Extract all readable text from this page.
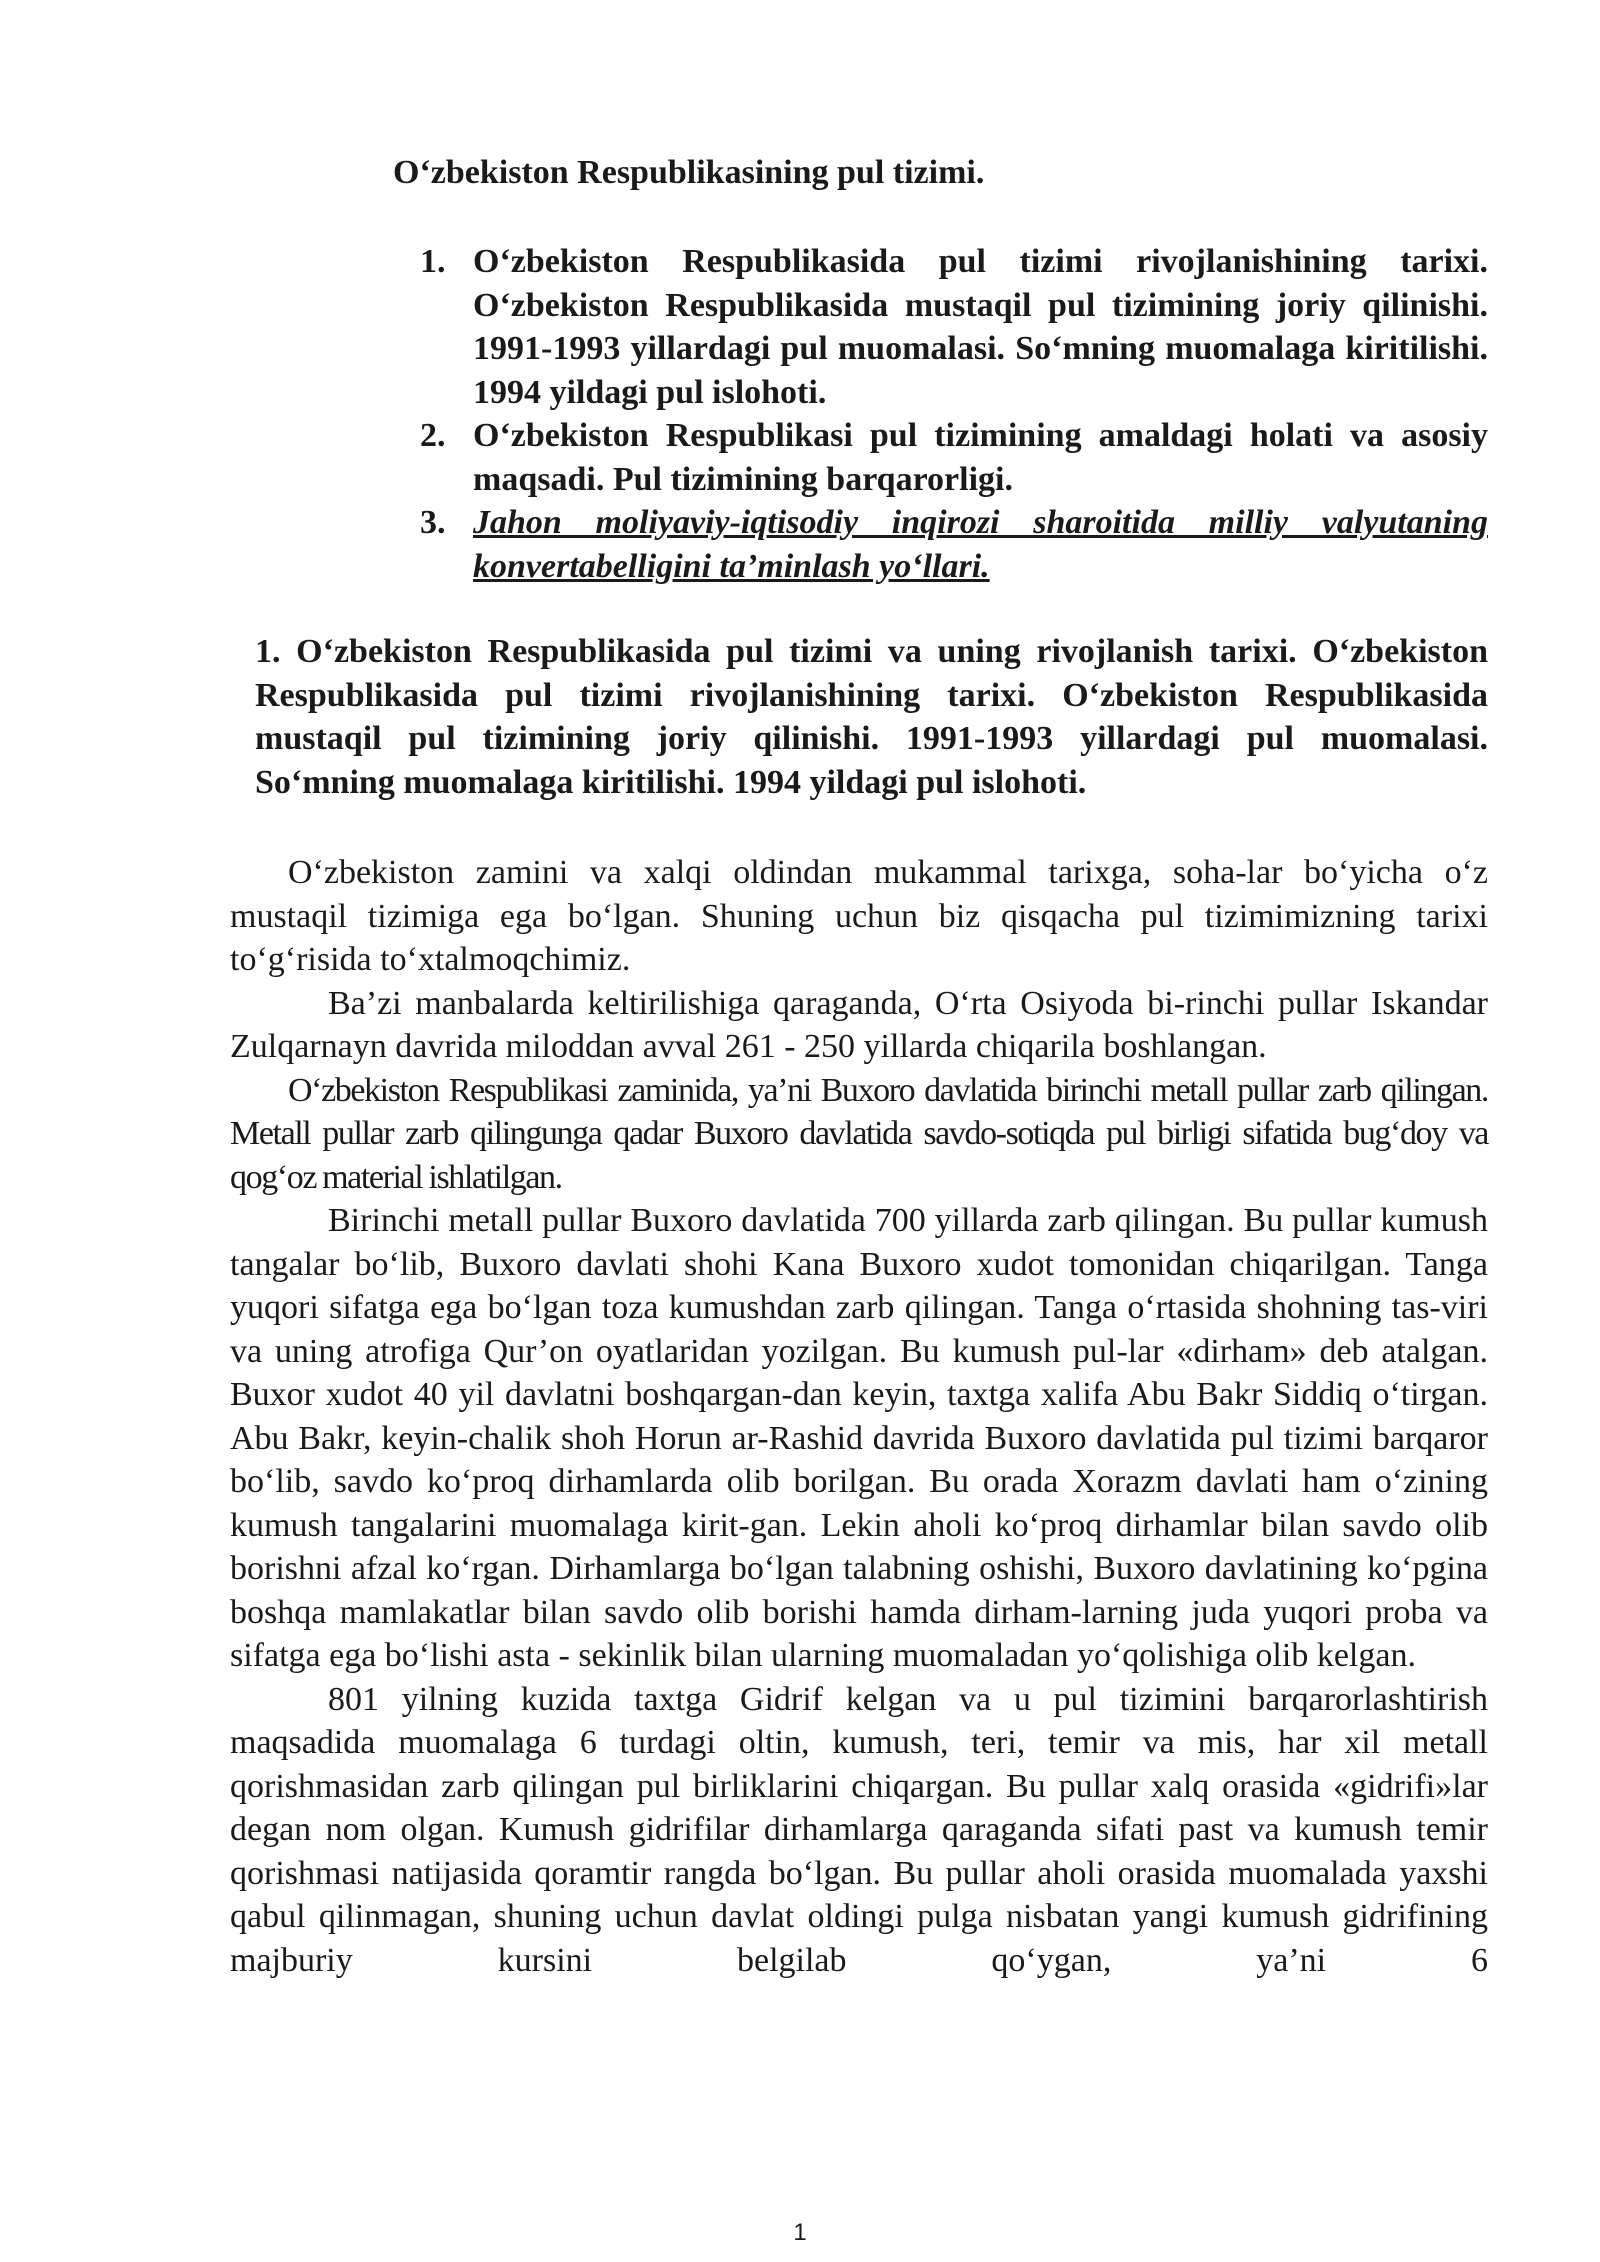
O‘zbekiston Respublikasining pul tizimi.
1. O‘zbekiston Respublikasida pul tizimi rivojlanishining tarixi. O‘zbekiston Respublikasida mustaqil pul tizimining joriy qilinishi. 1991-1993 yillardagi pul muomalasi. So‘mning muomalaga kiritilishi. 1994 yildagi pul islohoti.
2. O‘zbekiston Respublikasi pul tizimining amaldagi holati va asosiy maqsadi. Pul tizimining barqarorligi.
3. Jahon moliyaviy-iqtisodiy inqirozi sharoitida milliy valyutaning konvertabelligini ta’minlash yo‘llari.
1. O‘zbekiston Respublikasida pul tizimi va uning rivojlanish tarixi. O‘zbekiston Respublikasida pul tizimi rivojlanishining tarixi. O‘zbekiston Respublikasida mustaqil pul tizimining joriy qilinishi. 1991-1993 yillardagi pul muomalasi. So‘mning muomalaga kiritilishi. 1994 yildagi pul islohoti.

O‘zbekiston zamini va xalqi oldindan mukammal tarixga, soha-lar bo‘yicha o‘z mustaqil tizimiga ega bo‘lgan. Shuning uchun biz qisqacha pul tizimimizning tarixi to‘g‘risida to‘xtalmoqchimiz.

Ba’zi manbalarda keltirilishiga qaraganda, O‘rta Osiyoda bi-rinchi pullar Iskandar Zulqarnayn davrida miloddan avval 261 - 250 yillarda chiqarila boshlangan.

O‘zbekiston Respublikasi zaminida, ya’ni Buxoro davlatida birinchi metall pullar zarb qilingan. Metall pullar zarb qilingunga qadar Buxoro davlatida savdo-sotiqda pul birligi sifatida bug‘doy va qog‘oz material ishlatilgan.

Birinchi metall pullar Buxoro davlatida 700 yillarda zarb qilingan. Bu pullar kumush tangalar bo‘lib, Buxoro davlati shohi Kana Buxoro xudot tomonidan chiqarilgan. Tanga yuqori sifatga ega bo‘lgan toza kumushdan zarb qilingan. Tanga o‘rtasida shohning tas-viri va uning atrofiga Qur’on oyatlaridan yozilgan. Bu kumush pul-lar «dirham» deb atalgan. Buxor xudot 40 yil davlatni boshqargan-dan keyin, taxtga xalifa Abu Bakr Siddiq o‘tirgan. Abu Bakr, keyin-chalik shoh Horun ar-Rashid davrida Buxoro davlatida pul tizimi barqaror bo‘lib, savdo ko‘proq dirhamlarda olib borilgan. Bu orada Xorazm davlati ham o‘zining kumush tangalarini muomalaga kirit-gan. Lekin aholi ko‘proq dirhamlar bilan savdo olib borishni afzal ko‘rgan. Dirhamlarga bo‘lgan talabning oshishi, Buxoro davlatining ko‘pgina boshqa mamlakatlar bilan savdo olib borishi hamda dirham-larning juda yuqori proba va sifatga ega bo‘lishi asta - sekinlik bilan ularning muomaladan yo‘qolishiga olib kelgan.

801 yilning kuzida taxtga Gidrif kelgan va u pul tizimini barqarorlashtirish maqsadida muomalaga 6 turdagi oltin, kumush, teri, temir va mis, har xil metall qorishmasidan zarb qilingan pul birliklarini chiqargan. Bu pullar xalq orasida «gidrifi»lar degan nom olgan. Kumush gidrifilar dirhamlarga qaraganda sifati past va kumush temir qorishmasi natijasida qoramtir rangda bo‘lgan. Bu pullar aholi orasida muomalada yaxshi qabul qilinmagan, shuning uchun davlat oldingi pulga nisbatan yangi kumush gidrifining majburiy kursini belgilab qo‘ygan, ya’ni 6

1
